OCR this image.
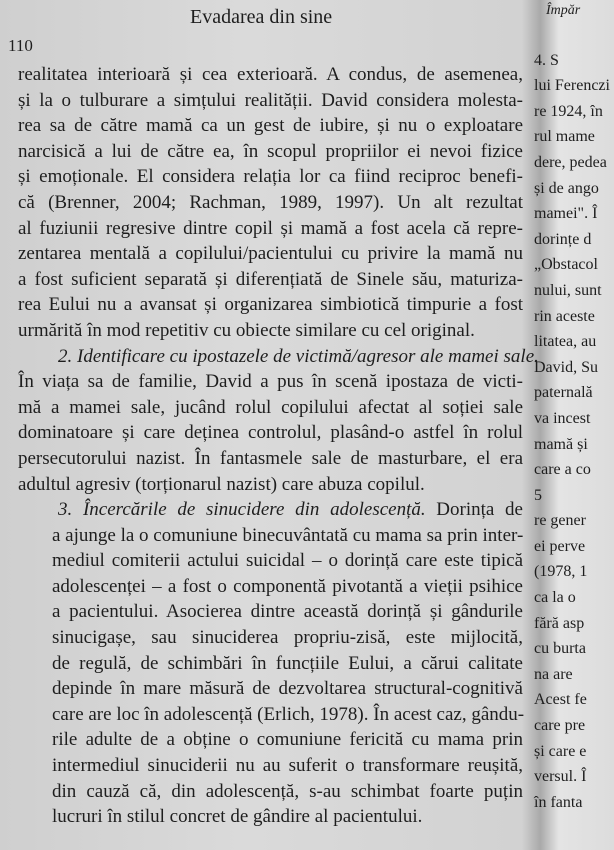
Evadarea din sine
110
realitatea interioară și cea exterioară. A condus, de asemenea,
și la o tulburare a simțului realității. David considera molesta-
rea sa de către mamă ca un gest de iubire, și nu o exploatare
narcisică a lui de către ea, în scopul propriilor ei nevoi fizice
și emoționale. El considera relația lor ca fiind reciproc benefi-
că (Brenner, 2004; Rachman, 1989, 1997). Un alt rezultat
al fuziunii regresive dintre copil și mamă a fost acela că repre-
zentarea mentală a copilului/pacientului cu privire la mamă nu
a fost suficient separată și diferențiată de Sinele său, maturiza-
rea Eului nu a avansat și organizarea simbiotică timpurie a fost
urmărită în mod repetitiv cu obiecte similare cu cel original.
2. Identificare cu ipostazele de victimă/agresor ale mamei sale.
În viața sa de familie, David a pus în scenă ipostaza de victi-
mă a mamei sale, jucând rolul copilului afectat al soției sale
dominatoare și care deținea controlul, plasând-o astfel în rolul
persecutorului nazist. În fantasmele sale de masturbare, el era
adultul agresiv (torționarul nazist) care abuza copilul.
3. Încercările de sinucidere din adolescență. Dorința de
a ajunge la o comuniune binecuvântată cu mama sa prin inter-
mediul comiterii actului suicidal – o dorință care este tipică
adolescenței – a fost o componentă pivotantă a vieții psihice
a pacientului. Asocierea dintre această dorință și gândurile
sinucigașe, sau sinuciderea propriu-zisă, este mijlocită,
de regulă, de schimbări în funcțiile Eului, a cărui calitate
depinde în mare măsură de dezvoltarea structural-cognitivă
care are loc în adolescență (Erlich, 1978). În acest caz, gându-
rile adulte de a obține o comuniune fericită cu mama prin
intermediul sinuciderii nu au suferit o transformare reușită,
din cauză că, din adolescență, s-au schimbat foarte puțin
lucruri în stilul concret de gândire al pacientului.
Împăr
4. S
lui Ferenczi
re 1924, în
rul mame
dere, pedea
și de ango
mamei". Î
dorințe d
„Obstacol
nului, sunt
rin aceste
litatea, au
David, Su
paternală
va incest
mamă și
care a co
5
re gener
ei perve
(1978, 1
ca la o
fără asp
cu burta
na are
Acest fe
care pre
și care e
versul. Î
în fanta
